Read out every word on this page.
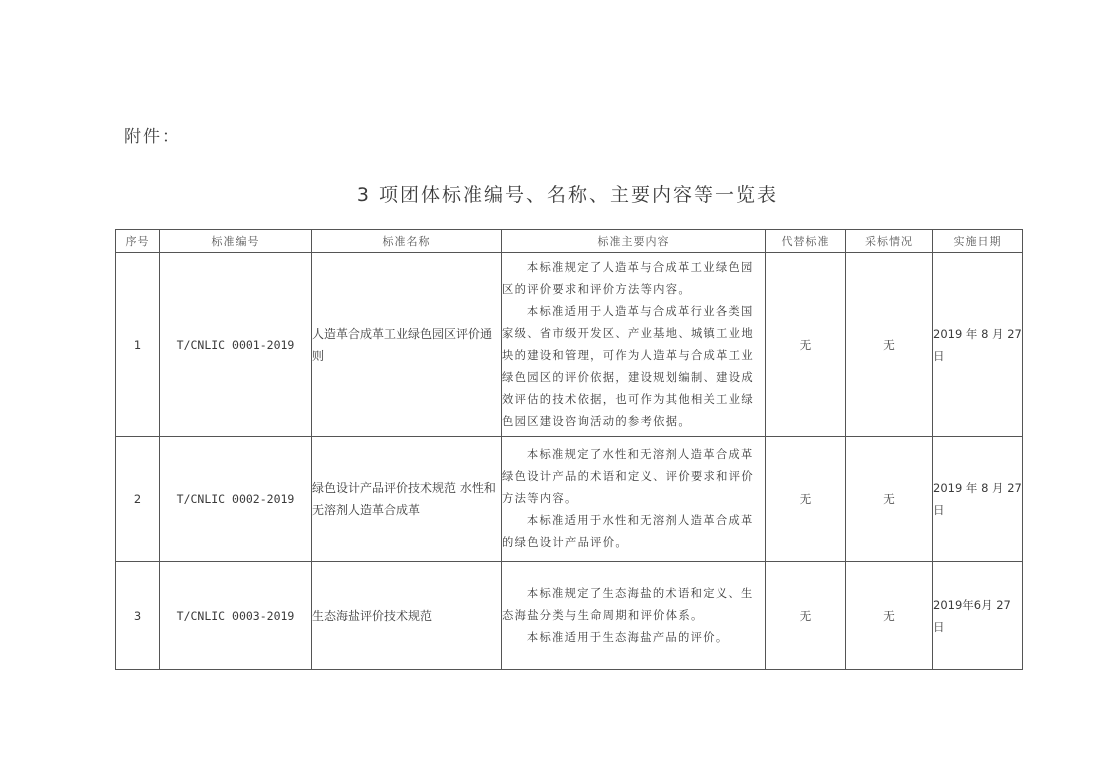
附件：
3 项团体标准编号、名称、主要内容等一览表
序号	标准编号	标准名称	标准主要内容	代替标准	采标情况	实施日期
1	T/CNLIC 0001-2019	人造革合成革工业绿色园区评价通则	本标准规定了人造革与合成革工业绿色园区的评价要求和评价方法等内容。

本标准适用于人造革与合成革行业各类国家级、省市级开发区、产业基地、城镇工业地块的建设和管理，可作为人造革与合成革工业绿色园区的评价依据，建设规划编制、建设成效评估的技术依据，也可作为其他相关工业绿色园区建设咨询活动的参考依据。	无	无	2019 年 8 月 27日
2	T/CNLIC 0002-2019	绿色设计产品评价技术规范 水性和无溶剂人造革合成革	本标准规定了水性和无溶剂人造革合成革绿色设计产品的术语和定义、评价要求和评价方法等内容。

本标准适用于水性和无溶剂人造革合成革的绿色设计产品评价。	无	无	2019 年 8 月 27日
3	T/CNLIC 0003-2019	生态海盐评价技术规范	本标准规定了生态海盐的术语和定义、生态海盐分类与生命周期和评价体系。

本标准适用于生态海盐产品的评价。	无	无	2019年6月 27日
